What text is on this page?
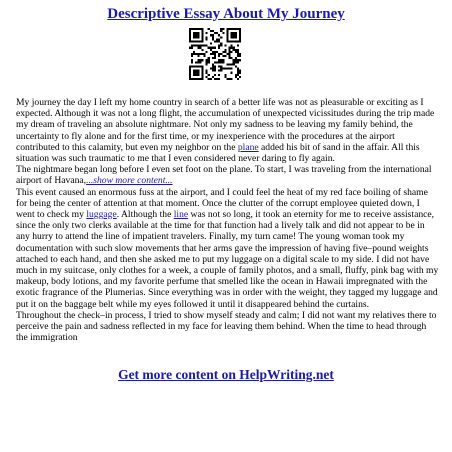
Descriptive Essay About My Journey

My journey the day I left my home country in search of a better life was not as pleasurable or exciting as I expected. Although it was not a long flight, the accumulation of unexpected vicissitudes during the trip made my dream of traveling an absolute nightmare. Not only my sadness to be leaving my family behind, the uncertainty to fly alone and for the first time, or my inexperience with the procedures at the airport contributed to this calamity, but even my neighbor on the plane added his bit of sand in the affair. All this situation was such traumatic to me that I even considered never daring to fly again.

The nightmare began long before I even set foot on the plane. To start, I was traveling from the international airport of Havana,...show more content...

This event caused an enormous fuss at the airport, and I could feel the heat of my red face boiling of shame for being the center of attention at that moment. Once the clutter of the corrupt employee quieted down, I went to check my luggage. Although the line was not so long, it took an eternity for me to receive assistance, since the only two clerks available at the time for that function had a lively talk and did not appear to be in any hurry to attend the line of impatient travelers. Finally, my turn came! The young woman took my documentation with such slow movements that her arms gave the impression of having five–pound weights attached to each hand, and then she asked me to put my luggage on a digital scale to my side. I did not have much in my suitcase, only clothes for a week, a couple of family photos, and a small, fluffy, pink bag with my makeup, body lotions, and my favorite perfume that smelled like the ocean in Hawaii impregnated with the exotic fragrance of the Plumerias. Since everything was in order with the weight, they tagged my luggage and put it on the baggage belt while my eyes followed it until it disappeared behind the curtains.

Throughout the check–in process, I tried to show myself steady and calm; I did not want my relatives there to perceive the pain and sadness reflected in my face for leaving them behind. When the time to head through the immigration

Get more content on HelpWriting.net
